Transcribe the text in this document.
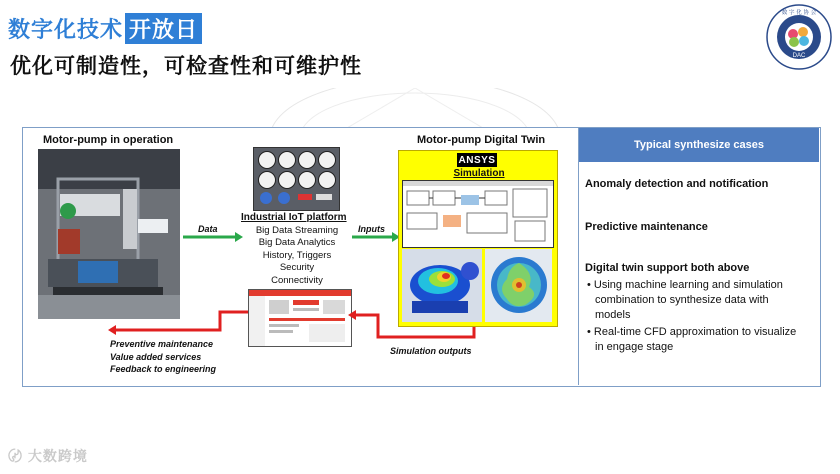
数字化技术 开放日
优化可制造性，可检查性和可维护性	DAC
数 字 化 协 会
Typical synthesize cases
Anomaly detection and notification
Predictive maintenance
Digital twin support both above
• Using machine learning and simulation combination to synthesize data with models
• Real-time CFD approximation to visualize in engage stage
Motor-pump in operation
Data
Industrial IoT platform
Big Data Streaming
Big Data Analytics
History, Triggers
Security
Connectivity
Inputs
Preventive maintenance
Value added services
Feedback to engineering
Simulation outputs
Motor-pump Digital Twin
ANSYS
Simulation
〄 大数跨境
